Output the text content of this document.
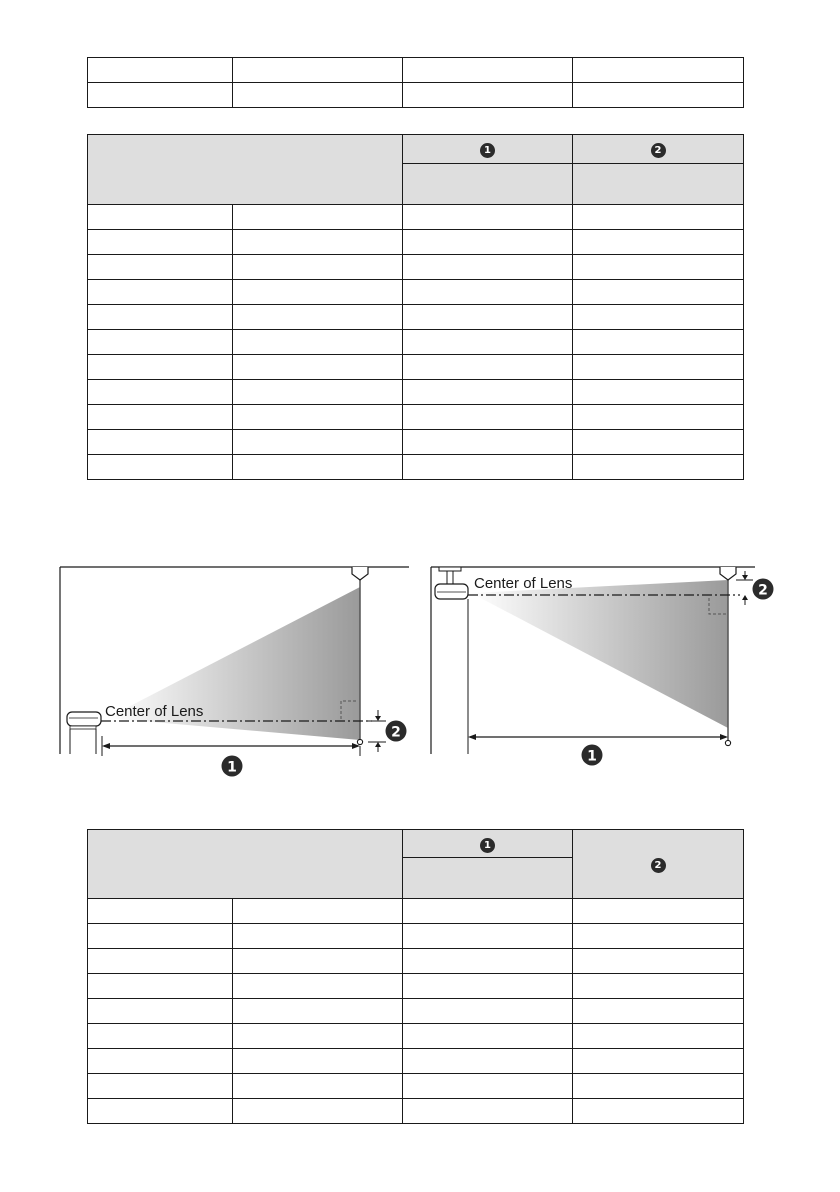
		1	2

Center of Lens
2
1
Center of Lens	2
1
		1	2
